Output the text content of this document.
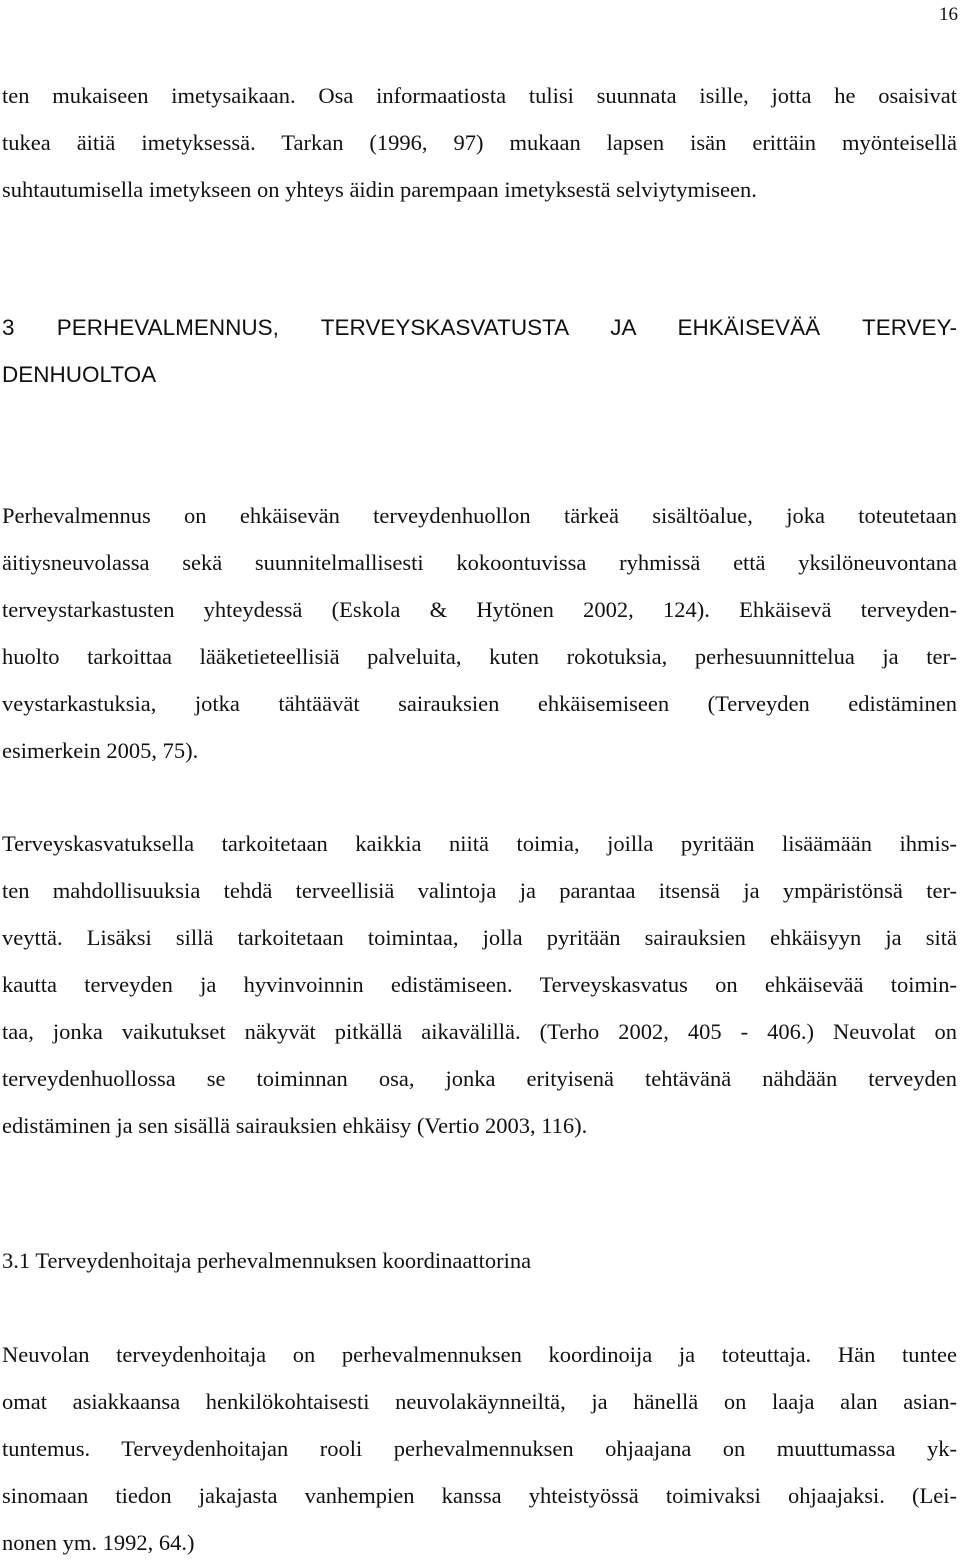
16
ten mukaiseen imetysaikaan. Osa informaatiosta tulisi suunnata isille, jotta he osaisivat
tukea äitiä imetyksessä. Tarkan (1996, 97) mukaan lapsen isän erittäin myönteisellä
suhtautumisella imetykseen on yhteys äidin parempaan imetyksestä selviytymiseen.
3 PERHEVALMENNUS, TERVEYSKASVATUSTA JA EHKÄISEVÄÄ TERVEY-
DENHUOLTOA
Perhevalmennus on ehkäisevän terveydenhuollon tärkeä sisältöalue, joka toteutetaan
äitiysneuvolassa sekä suunnitelmallisesti kokoontuvissa ryhmissä että yksilöneuvontana
terveystarkastusten yhteydessä (Eskola & Hytönen 2002, 124). Ehkäisevä terveyden-
huolto tarkoittaa lääketieteellisiä palveluita, kuten rokotuksia, perhesuunnittelua ja ter-
veystarkastuksia, jotka tähtäävät sairauksien ehkäisemiseen (Terveyden edistäminen
esimerkein 2005, 75).
Terveyskasvatuksella tarkoitetaan kaikkia niitä toimia, joilla pyritään lisäämään ihmis-
ten mahdollisuuksia tehdä terveellisiä valintoja ja parantaa itsensä ja ympäristönsä ter-
veyttä. Lisäksi sillä tarkoitetaan toimintaa, jolla pyritään sairauksien ehkäisyyn ja sitä
kautta terveyden ja hyvinvoinnin edistämiseen. Terveyskasvatus on ehkäisevää toimin-
taa, jonka vaikutukset näkyvät pitkällä aikavälillä. (Terho 2002, 405 - 406.) Neuvolat on
terveydenhuollossa se toiminnan osa, jonka erityisenä tehtävänä nähdään terveyden
edistäminen ja sen sisällä sairauksien ehkäisy (Vertio 2003, 116).
3.1 Terveydenhoitaja perhevalmennuksen koordinaattorina
Neuvolan terveydenhoitaja on perhevalmennuksen koordinoija ja toteuttaja. Hän tuntee
omat asiakkaansa henkilökohtaisesti neuvolakäynneiltä, ja hänellä on laaja alan asian-
tuntemus. Terveydenhoitajan rooli perhevalmennuksen ohjaajana on muuttumassa yk-
sinomaan tiedon jakajasta vanhempien kanssa yhteistyössä toimivaksi ohjaajaksi. (Lei-
nonen ym. 1992, 64.)
